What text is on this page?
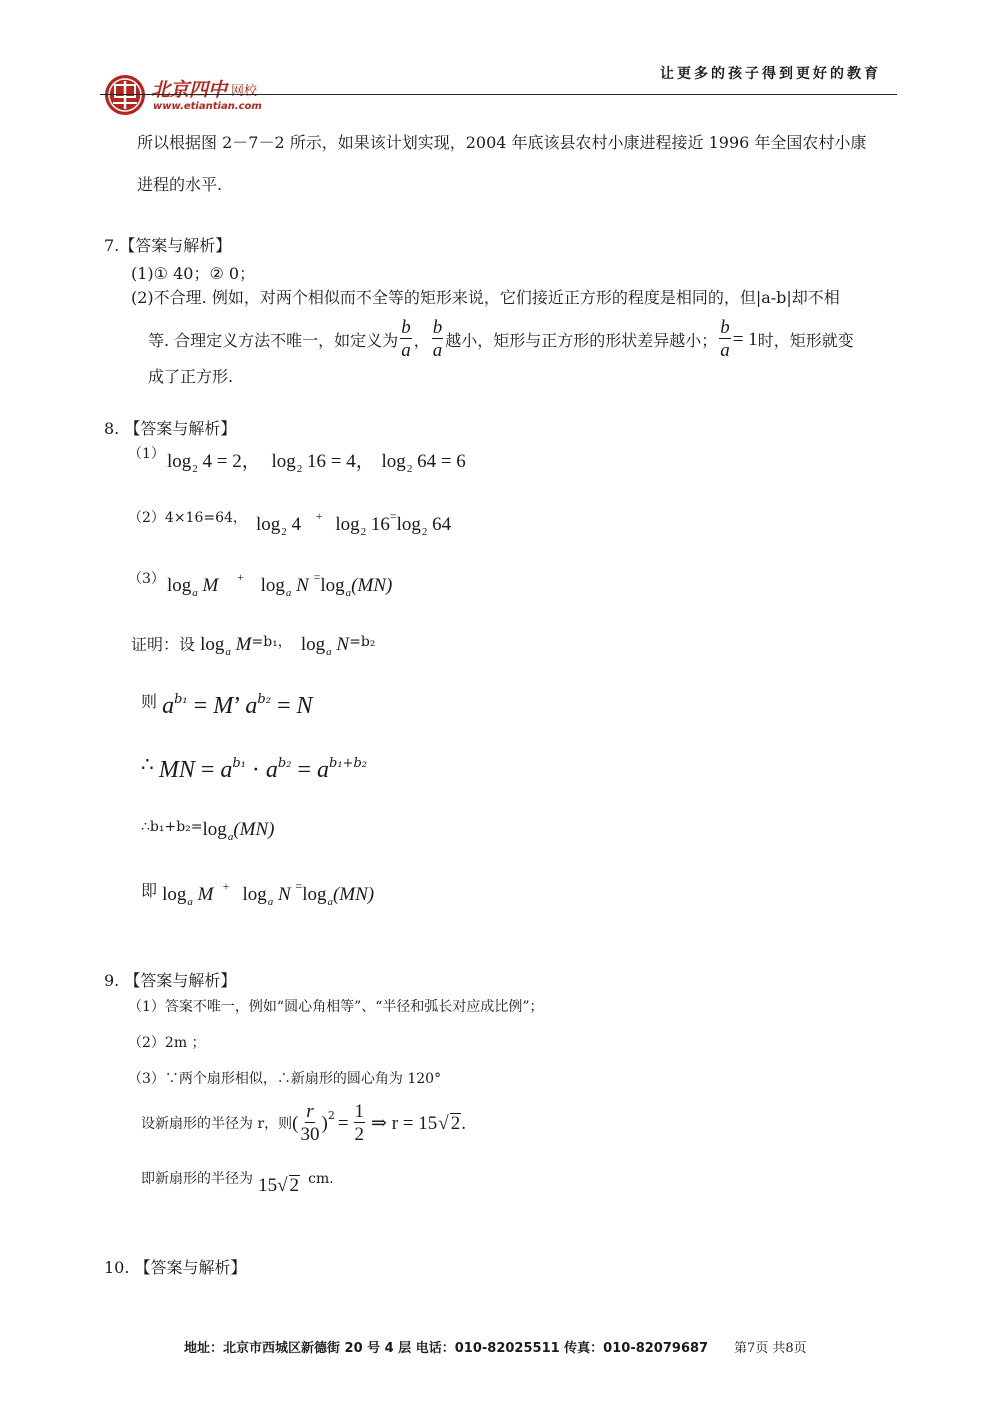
北京四中 网校
www.etiantian.com
让更多的孩子得到更好的教育
所以根据图 2－7－2 所示，如果该计划实现，2004 年底该县农村小康进程接近 1996 年全国农村小康
进程的水平.
7.【答案与解析】
(1)① 40；② 0；
(2)不合理. 例如，对两个相似而不全等的矩形来说，它们接近正方形的程度是相同的，但|a-b|却不相
等. 合理定义方法不唯一，如定义为 $\frac{b}{a}$ ， $\frac{b}{a}$ 越小，矩形与正方形的形状差异越小； $\frac{b}{a} = 1$ 时，矩形就变
成了正方形.
8. 【答案与解析】
（1） $\log_2 4 = 2$， $\log_2 16 = 4$， $\log_2 64 = 6$
（2）4×16=64， $\log_2 4$ + $\log_2 16^=\log_2$ 64
（3） $\log_a M$ + $\log_a N$ $^=\log_a(MN)$
证明：设 $\log_a M=b_1$， $\log_a N=b_2$
则 $a^{b_1} = M$’ $a^{b_2} = N$
∴ MN = $a^{b_1} \cdot a^{b_2} = a^{b_1+b_2}$
$\therefore b_1+b_2=\log_a(MN)$
即 $\log_a M$ + $\log_a N$ $^=\log_a(MN)$
9. 【答案与解析】
（1）答案不唯一，例如“圆心角相等”、“半径和弧长对应成比例”；
（2）2m ；
（3）∵两个扇形相似，∴新扇形的圆心角为 120°
设新扇形的半径为 r，则 ( $\frac{r}{30}$ ) $2 = \frac{1}{2}$ ⇒ r = 15 √ 2 .
即新扇形的半径为 15√ 2 cm.
10. 【答案与解析】
地址：北京市西城区新德街 20 号 4 层 电话：010-82025511 传真：010-82079687 第7页 共8页
